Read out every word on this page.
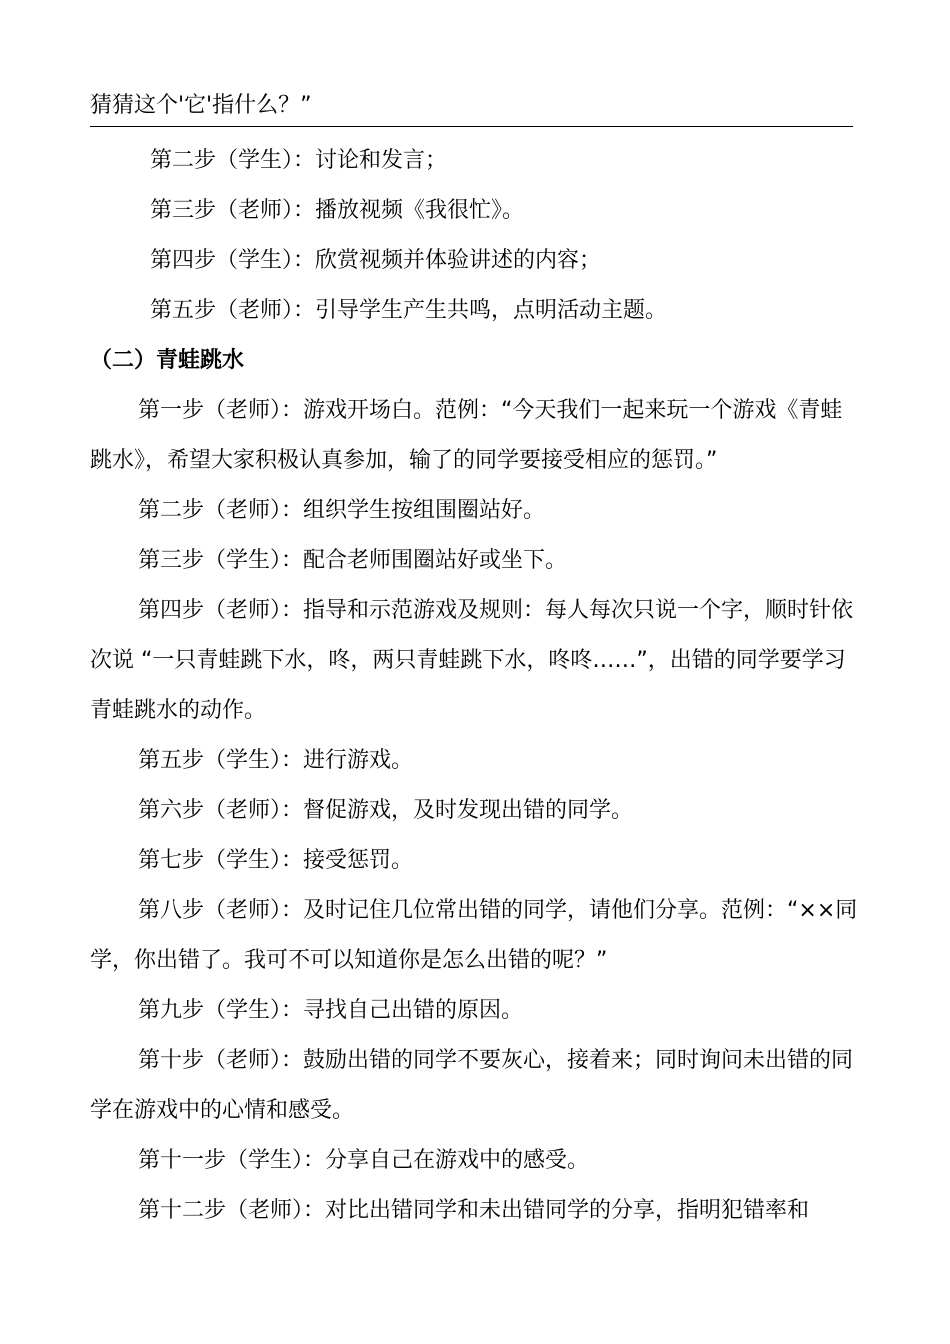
猜猜这个'它'指什么？”

第二步（学生）：讨论和发言；

第三步（老师）：播放视频《我很忙》。

第四步（学生）：欣赏视频并体验讲述的内容；

第五步（老师）：引导学生产生共鸣，点明活动主题。

（二）青蛙跳水

第一步（老师）：游戏开场白。范例：“今天我们一起来玩一个游戏《青蛙跳水》，希望大家积极认真参加，输了的同学要接受相应的惩罚。”

第二步（老师）：组织学生按组围圈站好。

第三步（学生）：配合老师围圈站好或坐下。

第四步（老师）：指导和示范游戏及规则：每人每次只说一个字，顺时针依次说 “一只青蛙跳下水，咚，两只青蛙跳下水，咚咚……”，出错的同学要学习青蛙跳水的动作。

第五步（学生）：进行游戏。

第六步（老师）：督促游戏，及时发现出错的同学。

第七步（学生）：接受惩罚。

第八步（老师）：及时记住几位常出错的同学，请他们分享。范例：“××同学，你出错了。我可不可以知道你是怎么出错的呢？”

第九步（学生）：寻找自己出错的原因。

第十步（老师）：鼓励出错的同学不要灰心，接着来；同时询问未出错的同学在游戏中的心情和感受。

第十一步（学生）：分享自己在游戏中的感受。

第十二步（老师）：对比出错同学和未出错同学的分享，指明犯错率和
